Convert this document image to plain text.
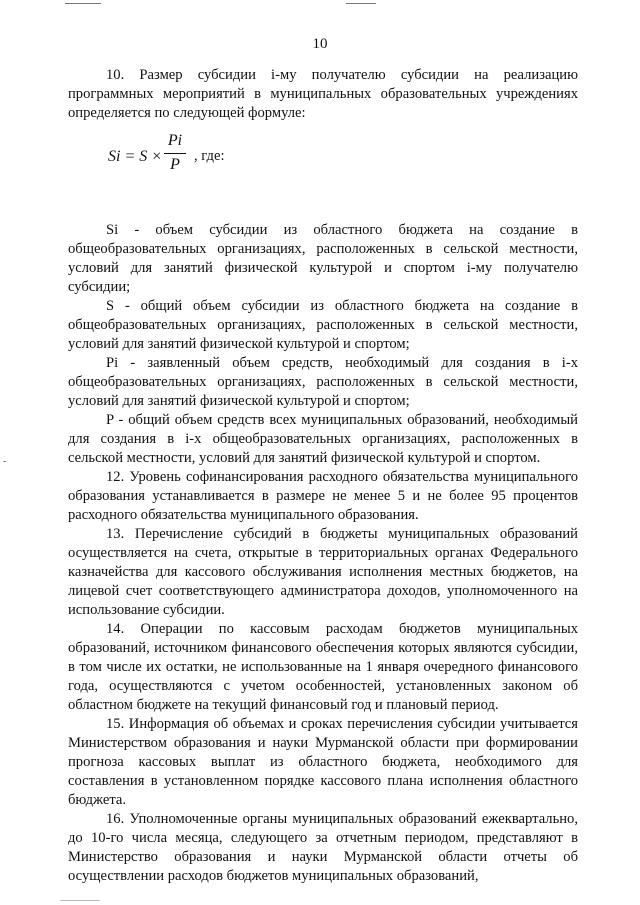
-
10

10. Размер субсидии i-му получателю субсидии на реализацию программных мероприятий в муниципальных образовательных учреждениях определяется по следующей формуле:

Si = S ×
Pi
P , где:

Si - объем субсидии из областного бюджета на создание в общеобразовательных организациях, расположенных в сельской местности, условий для занятий физической культурой и спортом i-му получателю субсидии;

S - общий объем субсидии из областного бюджета на создание в общеобразовательных организациях, расположенных в сельской местности, условий для занятий физической культурой и спортом;

Pi - заявленный объем средств, необходимый для создания в i-x общеобразовательных организациях, расположенных в сельской местности, условий для занятий физической культурой и спортом;

P - общий объем средств всех муниципальных образований, необходимый для создания в i-x общеобразовательных организациях, расположенных в сельской местности, условий для занятий физической культурой и спортом.

12. Уровень софинансирования расходного обязательства муниципального образования устанавливается в размере не менее 5 и не более 95 процентов расходного обязательства муниципального образования.

13. Перечисление субсидий в бюджеты муниципальных образований осуществляется на счета, открытые в территориальных органах Федерального казначейства для кассового обслуживания исполнения местных бюджетов, на лицевой счет соответствующего администратора доходов, уполномоченного на использование субсидии.

14. Операции по кассовым расходам бюджетов муниципальных образований, источником финансового обеспечения которых являются субсидии, в том числе их остатки, не использованные на 1 января очередного финансового года, осуществляются с учетом особенностей, установленных законом об областном бюджете на текущий финансовый год и плановый период.

15. Информация об объемах и сроках перечисления субсидии учитывается Министерством образования и науки Мурманской области при формировании прогноза кассовых выплат из областного бюджета, необходимого для составления в установленном порядке кассового плана исполнения областного бюджета.

16. Уполномоченные органы муниципальных образований ежеквартально, до 10-го числа месяца, следующего за отчетным периодом, представляют в Министерство образования и науки Мурманской области отчеты об осуществлении расходов бюджетов муниципальных образований,
